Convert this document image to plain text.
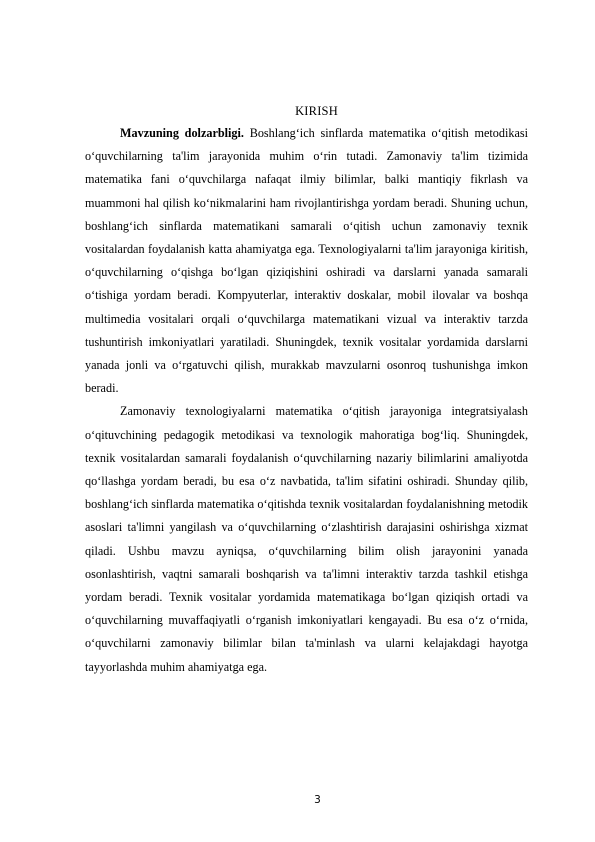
KIRISH

Mavzuning dolzarbligi. Boshlang‘ich sinflarda matematika o‘qitish metodikasi o‘quvchilarning ta'lim jarayonida muhim o‘rin tutadi. Zamonaviy ta'lim tizimida matematika fani o‘quvchilarga nafaqat ilmiy bilimlar, balki mantiqiy fikrlash va muammoni hal qilish ko‘nikmalarini ham rivojlantirishga yordam beradi. Shuning uchun, boshlang‘ich sinflarda matematikani samarali o‘qitish uchun zamonaviy texnik vositalardan foydalanish katta ahamiyatga ega. Texnologiyalarni ta'lim jarayoniga kiritish, o‘quvchilarning o‘qishga bo‘lgan qiziqishini oshiradi va darslarni yanada samarali o‘tishiga yordam beradi. Kompyuterlar, interaktiv doskalar, mobil ilovalar va boshqa multimedia vositalari orqali o‘quvchilarga matematikani vizual va interaktiv tarzda tushuntirish imkoniyatlari yaratiladi. Shuningdek, texnik vositalar yordamida darslarni yanada jonli va o‘rgatuvchi qilish, murakkab mavzularni osonroq tushunishga imkon beradi.

Zamonaviy texnologiyalarni matematika o‘qitish jarayoniga integratsiyalash o‘qituvchining pedagogik metodikasi va texnologik mahoratiga bog‘liq. Shuningdek, texnik vositalardan samarali foydalanish o‘quvchilarning nazariy bilimlarini amaliyotda qo‘llashga yordam beradi, bu esa o‘z navbatida, ta'lim sifatini oshiradi. Shunday qilib, boshlang‘ich sinflarda matematika o‘qitishda texnik vositalardan foydalanishning metodik asoslari ta'limni yangilash va o‘quvchilarning o‘zlashtirish darajasini oshirishga xizmat qiladi. Ushbu mavzu ayniqsa, o‘quvchilarning bilim olish jarayonini yanada osonlashtirish, vaqtni samarali boshqarish va ta'limni interaktiv tarzda tashkil etishga yordam beradi. Texnik vositalar yordamida matematikaga bo‘lgan qiziqish ortadi va o‘quvchilarning muvaffaqiyatli o‘rganish imkoniyatlari kengayadi. Bu esa o‘z o‘rnida, o‘quvchilarni zamonaviy bilimlar bilan ta'minlash va ularni kelajakdagi hayotga tayyorlashda muhim ahamiyatga ega.

3
